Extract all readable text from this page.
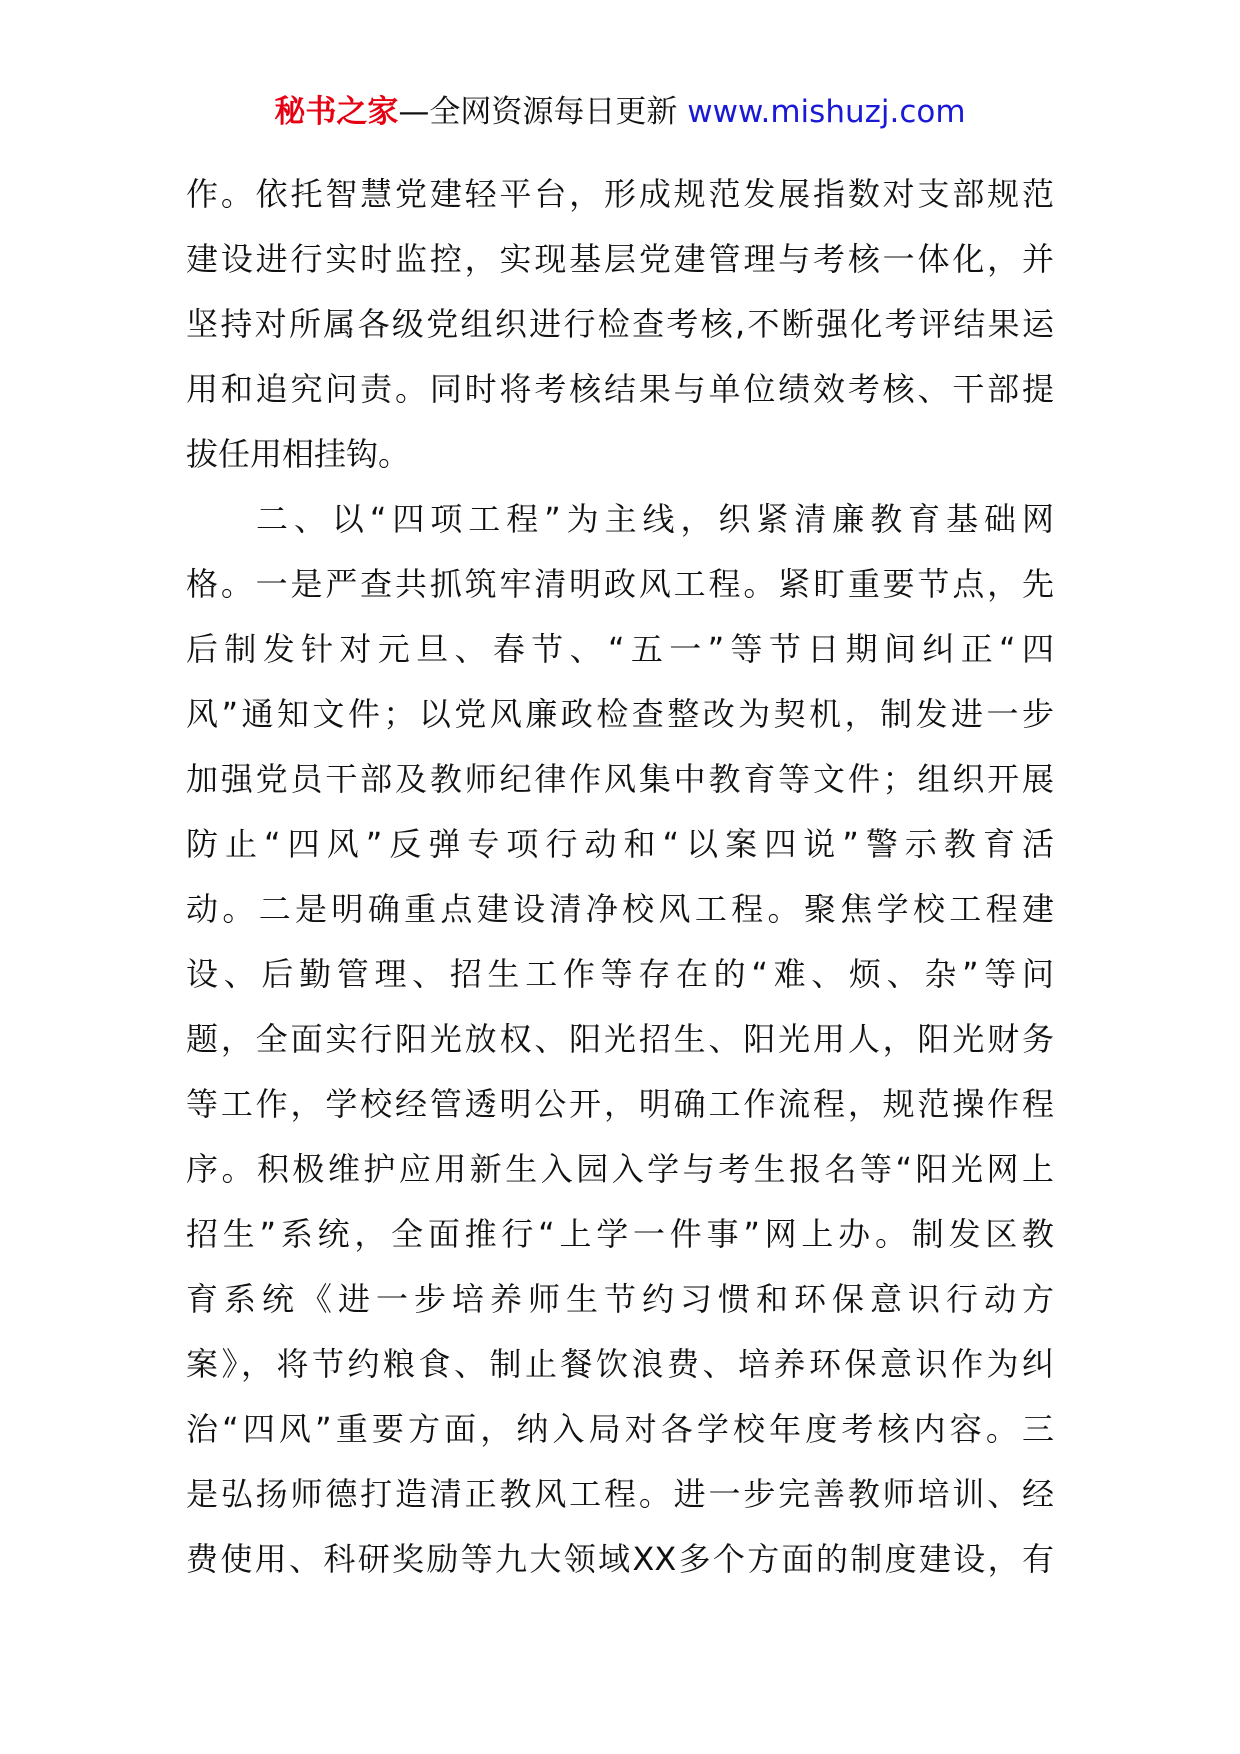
秘书之家—全网资源每日更新 www.mishuzj.com
作。依托智慧党建轻平台，形成规范发展指数对支部规范
建设进行实时监控，实现基层党建管理与考核一体化，并
坚持对所属各级党组织进行检查考核,不断强化考评结果运
用和追究问责。同时将考核结果与单位绩效考核、干部提
拔任用相挂钩。
二、以“四项工程”为主线，织紧清廉教育基础网
格。一是严查共抓筑牢清明政风工程。紧盯重要节点，先
后制发针对元旦、春节、“五一”等节日期间纠正“四
风”通知文件；以党风廉政检查整改为契机，制发进一步
加强党员干部及教师纪律作风集中教育等文件；组织开展
防止“四风”反弹专项行动和“以案四说”警示教育活
动。二是明确重点建设清净校风工程。聚焦学校工程建
设、后勤管理、招生工作等存在的“难、烦、杂”等问
题，全面实行阳光放权、阳光招生、阳光用人，阳光财务
等工作，学校经管透明公开，明确工作流程，规范操作程
序。积极维护应用新生入园入学与考生报名等“阳光网上
招生”系统，全面推行“上学一件事”网上办。制发区教
育系统《进一步培养师生节约习惯和环保意识行动方
案》，将节约粮食、制止餐饮浪费、培养环保意识作为纠
治“四风”重要方面，纳入局对各学校年度考核内容。三
是弘扬师德打造清正教风工程。进一步完善教师培训、经
费使用、科研奖励等九大领域XX多个方面的制度建设，有
